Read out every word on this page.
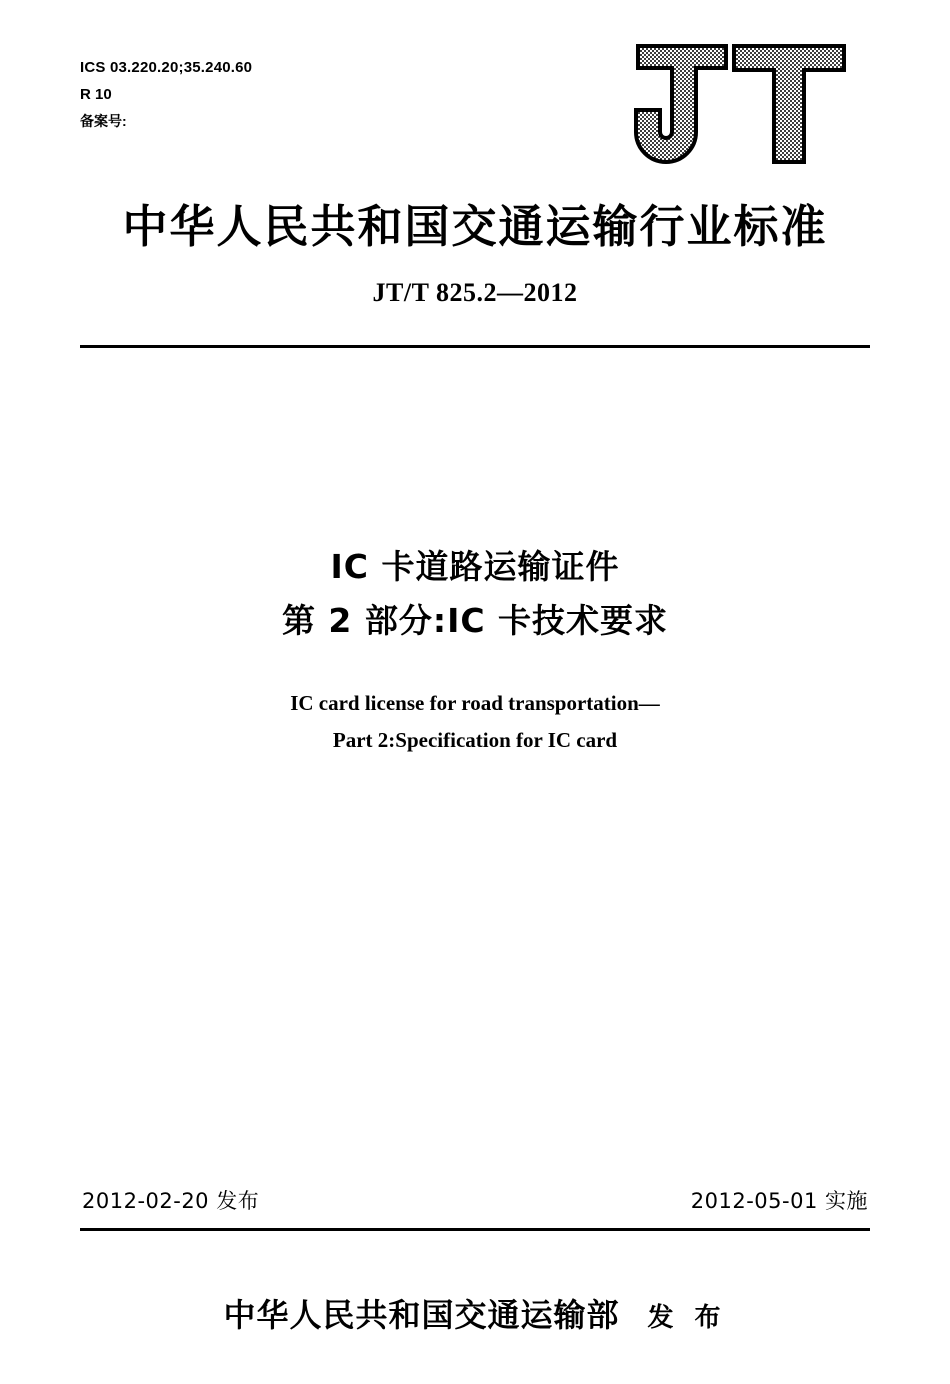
ICS 03.220.20;35.240.60
R 10
备案号:
中华人民共和国交通运输行业标准
JT/T 825.2—2012
IC 卡道路运输证件
第 2 部分:IC 卡技术要求
IC card license for road transportation—
Part 2:Specification for IC card
2012-02-20 发布	2012-05-01 实施
中华人民共和国交通运输部 发 布
